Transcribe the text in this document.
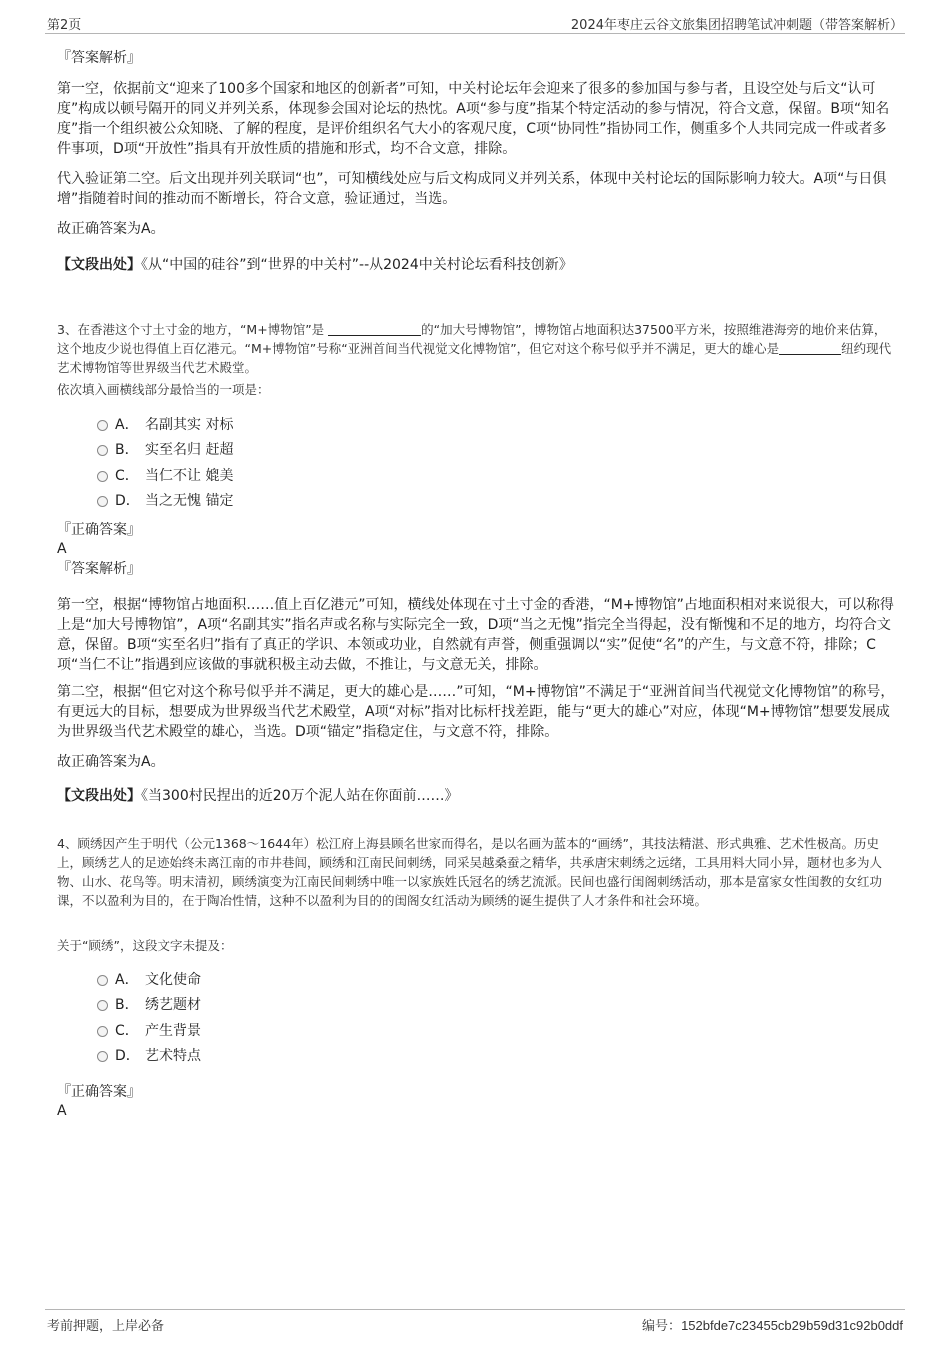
第2页	2024年枣庄云谷文旅集团招聘笔试冲刺题（带答案解析）
『答案解析』

第一空，依据前文“迎来了100多个国家和地区的创新者”可知，中关村论坛年会迎来了很多的参加国与参与者，且设空处与后文“认可度”构成以顿号隔开的同义并列关系，体现参会国对论坛的热忱。A项“参与度”指某个特定活动的参与情况，符合文意，保留。B项“知名度”指一个组织被公众知晓、了解的程度，是评价组织名气大小的客观尺度，C项“协同性”指协同工作，侧重多个人共同完成一件或者多件事项，D项“开放性”指具有开放性质的措施和形式，均不合文意，排除。

代入验证第二空。后文出现并列关联词“也”，可知横线处应与后文构成同义并列关系，体现中关村论坛的国际影响力较大。A项“与日俱增”指随着时间的推动而不断增长，符合文意，验证通过，当选。

故正确答案为A。
【文段出处】《从“中国的硅谷”到“世界的中关村”--从2024中关村论坛看科技创新》

3、在香港这个寸土寸金的地方，“M+博物馆”是	的“加大号博物馆”，博物馆占地面积达37500平方米，按照维港海旁的地价来估算，这个地皮少说也得值上百亿港元。“M+博物馆”号称“亚洲首间当代视觉文化博物馆”，但它对这个称号似乎并不满足，更大的雄心是	纽约现代艺术博物馆等世界级当代艺术殿堂。

依次填入画横线部分最恰当的一项是：
A． 名副其实 对标
B． 实至名归 赶超
C． 当仁不让 媲美
D． 当之无愧 锚定
『正确答案』
A
『答案解析』

第一空，根据“博物馆占地面积……值上百亿港元”可知，横线处体现在寸土寸金的香港，“M+博物馆”占地面积相对来说很大，可以称得上是“加大号博物馆”，A项“名副其实”指名声或名称与实际完全一致，D项“当之无愧”指完全当得起，没有惭愧和不足的地方，均符合文意，保留。B项“实至名归”指有了真正的学识、本领或功业，自然就有声誉，侧重强调以“实”促使“名”的产生，与文意不符，排除；C项“当仁不让”指遇到应该做的事就积极主动去做，不推让，与文意无关，排除。

第二空，根据“但它对这个称号似乎并不满足，更大的雄心是……”可知，“M+博物馆”不满足于“亚洲首间当代视觉文化博物馆”的称号，有更远大的目标，想要成为世界级当代艺术殿堂，A项“对标”指对比标杆找差距，能与“更大的雄心”对应，体现“M+博物馆”想要发展成为世界级当代艺术殿堂的雄心，当选。D项“锚定”指稳定住，与文意不符，排除。

故正确答案为A。
【文段出处】《当300村民捏出的近20万个泥人站在你面前……》

4、顾绣因产生于明代（公元1368～1644年）松江府上海县顾名世家而得名，是以名画为蓝本的“画绣”，其技法精湛、形式典雅、艺术性极高。历史上，顾绣艺人的足迹始终未离江南的市井巷闾，顾绣和江南民间刺绣，同采吴越桑蚕之精华，共承唐宋刺绣之远绪，工具用料大同小异，题材也多为人物、山水、花鸟等。明末清初，顾绣演变为江南民间刺绣中唯一以家族姓氏冠名的绣艺流派。民间也盛行闺阁刺绣活动，那本是富家女性闺教的女红功课，不以盈利为目的，在于陶冶性情，这种不以盈利为目的的闺阁女红活动为顾绣的诞生提供了人才条件和社会环境。

关于“顾绣”，这段文字未提及：
A． 文化使命
B． 绣艺题材
C． 产生背景
D． 艺术特点
『正确答案』
A
考前押题，上岸必备	编号：152bfde7c23455cb29b59d31c92b0ddf
